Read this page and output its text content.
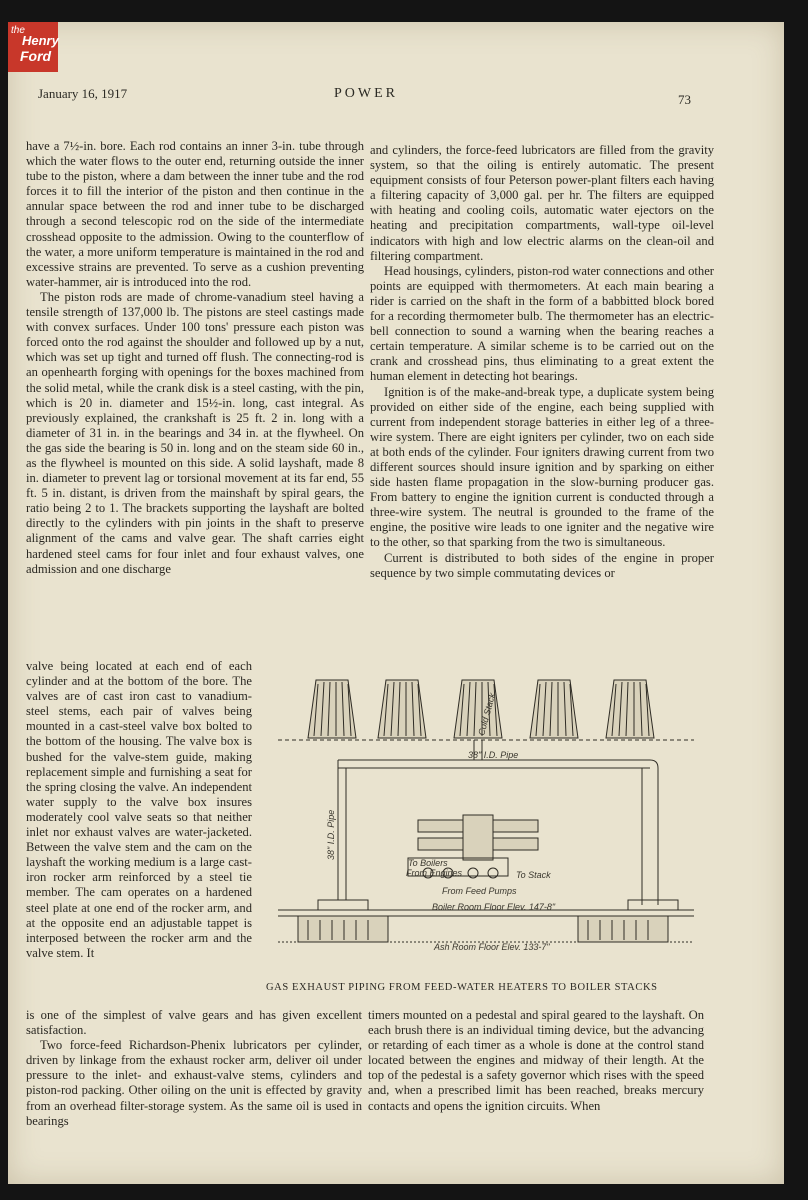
the
Henry
Ford
January 16, 1917	POWER	73

have a 7½-in. bore. Each rod contains an inner 3-in. tube through which the water flows to the outer end, returning outside the inner tube to the piston, where a dam between the inner tube and the rod forces it to fill the interior of the piston and then continue in the annular space between the rod and inner tube to be discharged through a second telescopic rod on the side of the intermediate crosshead opposite to the admission. Owing to the counterflow of the water, a more uniform temperature is maintained in the rod and excessive strains are prevented. To serve as a cushion preventing water-hammer, air is introduced into the rod.

The piston rods are made of chrome-vanadium steel having a tensile strength of 137,000 lb. The pistons are steel castings made with convex surfaces. Under 100 tons' pressure each piston was forced onto the rod against the shoulder and followed up by a nut, which was set up tight and turned off flush. The connecting-rod is an openhearth forging with openings for the boxes machined from the solid metal, while the crank disk is a steel casting, with the pin, which is 20 in. diameter and 15½-in. long, cast integral. As previously explained, the crankshaft is 25 ft. 2 in. long with a diameter of 31 in. in the bearings and 34 in. at the flywheel. On the gas side the bearing is 50 in. long and on the steam side 60 in., as the flywheel is mounted on this side. A solid layshaft, made 8 in. diameter to prevent lag or torsional movement at its far end, 55 ft. 5 in. distant, is driven from the mainshaft by spiral gears, the ratio being 2 to 1. The brackets supporting the layshaft are bolted directly to the cylinders with pin joints in the shaft to preserve alignment of the cams and valve gear. The shaft carries eight hardened steel cams for four inlet and four exhaust valves, one admission and one discharge

valve being located at each end of each cylinder and at the bottom of the bore. The valves are of cast iron cast to vanadium-steel stems, each pair of valves being mounted in a cast-steel valve box bolted to the bottom of the housing. The valve box is bushed for the valve-stem guide, making replacement simple and furnishing a seat for the spring closing the valve. An independent water supply to the valve box insures moderately cool valve seats so that neither inlet nor exhaust valves are water-jacketed. Between the valve stem and the cam on the layshaft the working medium is a large cast-iron rocker arm reinforced by a steel tie member. The cam operates on a hardened steel plate at one end of the rocker arm, and at the opposite end an adjustable tappet is interposed between the rocker arm and the valve stem. It

and cylinders, the force-feed lubricators are filled from the gravity system, so that the oiling is entirely automatic. The present equipment consists of four Peterson power-plant filters each having a filtering capacity of 3,000 gal. per hr. The filters are equipped with heating and cooling coils, automatic water ejectors on the heating and precipitation compartments, wall-type oil-level indicators with high and low electric alarms on the clean-oil and filtering compartment.

Head housings, cylinders, piston-rod water connections and other points are equipped with thermometers. At each main bearing a rider is carried on the shaft in the form of a babbitted block bored for a recording thermometer bulb. The thermometer has an electric-bell connection to sound a warning when the bearing reaches a certain temperature. A similar scheme is to be carried out on the crank and crosshead pins, thus eliminating to a great extent the human element in detecting hot bearings.

Ignition is of the make-and-break type, a duplicate system being provided on either side of the engine, each being supplied with current from independent storage batteries in either leg of a three-wire system. There are eight igniters per cylinder, two on each side at both ends of the cylinder. Four igniters drawing current from two different sources should insure ignition and by sparking on either side hasten flame propagation in the slow-burning producer gas. From battery to engine the ignition current is conducted through a three-wire system. The neutral is grounded to the frame of the engine, the positive wire leads to one igniter and the negative wire to the other, so that sparking from the two is simultaneous.

Current is distributed to both sides of the engine in proper sequence by two simple commutating devices or

Cold Stack
38" I.D. Pipe
38" I.D. Pipe
To Boilers
From Engines	To Stack
From Feed Pumps
Boiler Room Floor Elev. 147-8"
Ash Room Floor Elev. 133-7"
GAS EXHAUST PIPING FROM FEED-WATER HEATERS TO BOILER STACKS

is one of the simplest of valve gears and has given excellent satisfaction.

Two force-feed Richardson-Phenix lubricators per cylinder, driven by linkage from the exhaust rocker arm, deliver oil under pressure to the inlet- and exhaust-valve stems, cylinders and piston-rod packing. Other oiling on the unit is effected by gravity from an overhead filter-storage system. As the same oil is used in bearings

timers mounted on a pedestal and spiral geared to the layshaft. On each brush there is an individual timing device, but the advancing or retarding of each timer as a whole is done at the control stand located between the engines and midway of their length. At the top of the pedestal is a safety governor which rises with the speed and, when a prescribed limit has been reached, breaks mercury contacts and opens the ignition circuits. When
